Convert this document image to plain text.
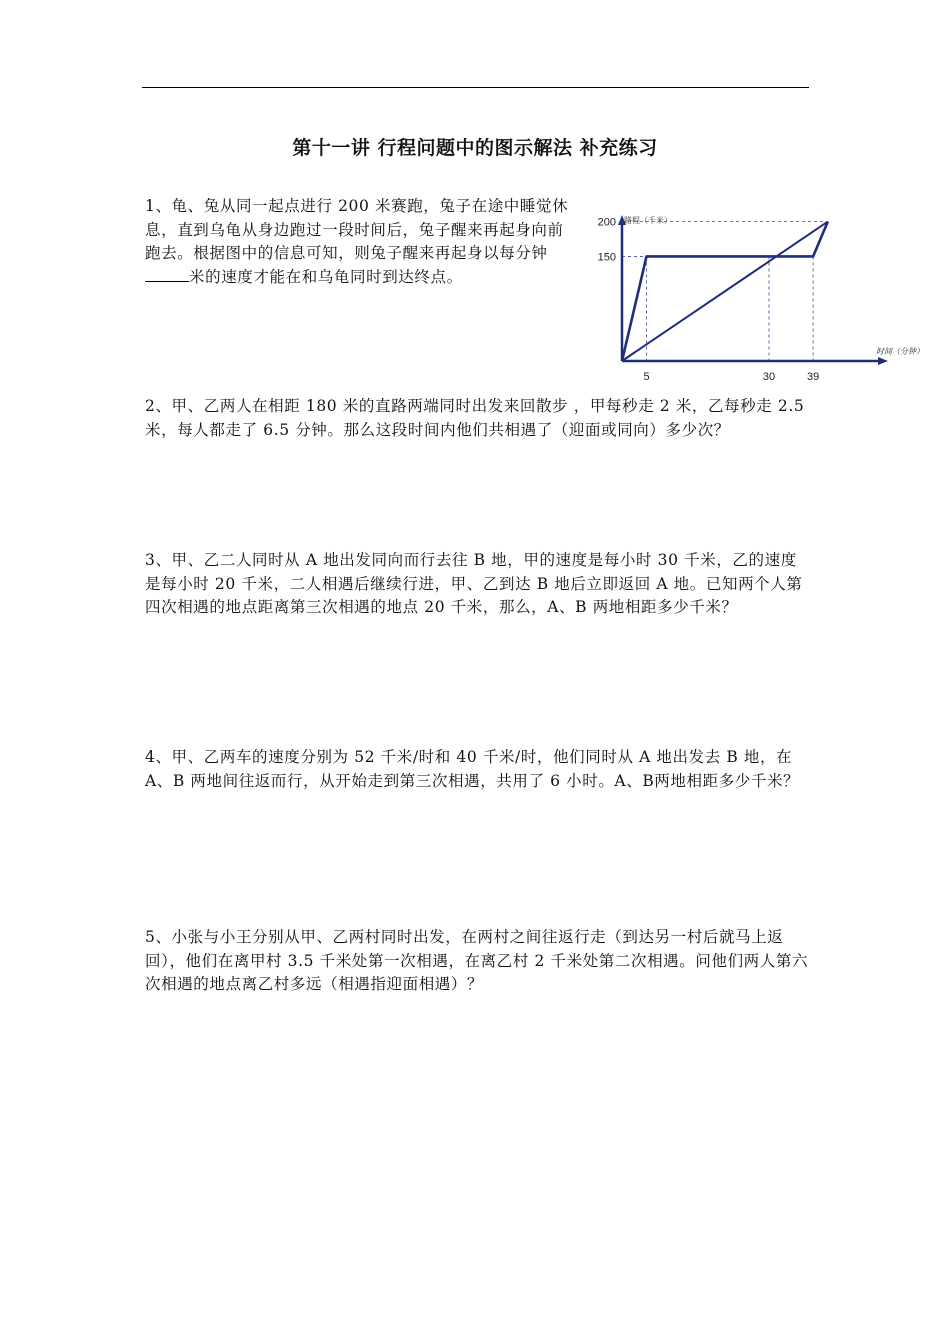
第十一讲 行程问题中的图示解法 补充练习
1、龟、兔从同一起点进行 200 米赛跑，兔子在途中睡觉休息，直到乌龟从身边跑过一段时间后，兔子醒来再起身向前跑去。根据图中的信息可知，则兔子醒来再起身以每分钟米的速度才能在和乌龟同时到达终点。
路程（千米）
时间（分钟）
150
200
5	30	39
2、甲、乙两人在相距 180 米的直路两端同时出发来回散步 ，甲每秒走 2 米，乙每秒走 2.5 米，每人都走了 6.5 分钟。那么这段时间内他们共相遇了（迎面或同向）多少次？
3、甲、乙二人同时从 A 地出发同向而行去往 B 地，甲的速度是每小时 30 千米，乙的速度是每小时 20 千米，二人相遇后继续行进，甲、乙到达 B 地后立即返回 A 地。已知两个人第四次相遇的地点距离第三次相遇的地点 20 千米，那么，A、B 两地相距多少千米？
4、甲、乙两车的速度分别为 52 千米/时和 40 千米/时，他们同时从 A 地出发去 B 地，在 A、B 两地间往返而行，从开始走到第三次相遇，共用了 6 小时。A、B两地相距多少千米？
5、小张与小王分别从甲、乙两村同时出发，在两村之间往返行走（到达另一村后就马上返回），他们在离甲村 3.5 千米处第一次相遇，在离乙村 2 千米处第二次相遇。问他们两人第六次相遇的地点离乙村多远（相遇指迎面相遇）？
